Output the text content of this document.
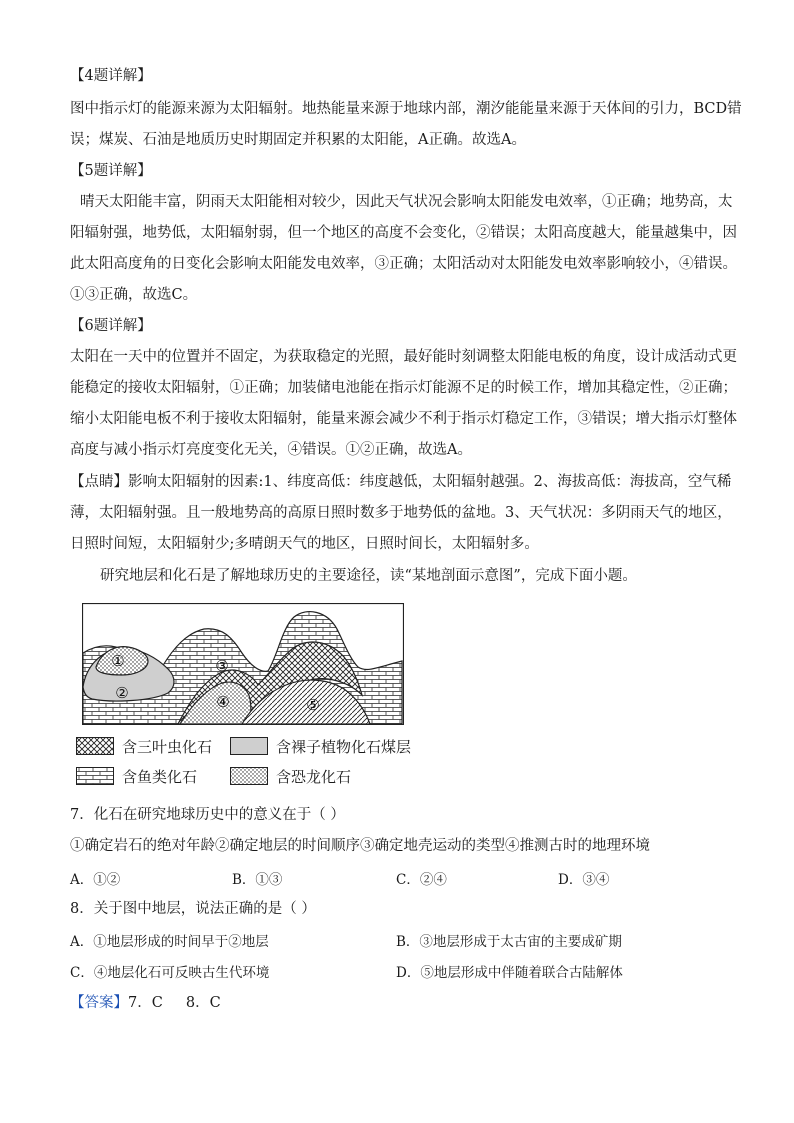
【4题详解】
图中指示灯的能源来源为太阳辐射。地热能量来源于地球内部，潮汐能能量来源于天体间的引力，BCD错
误；煤炭、石油是地质历史时期固定并积累的太阳能，A正确。故选A。
【5题详解】
晴天太阳能丰富，阴雨天太阳能相对较少，因此天气状况会影响太阳能发电效率，①正确；地势高，太
阳辐射强，地势低，太阳辐射弱，但一个地区的高度不会变化，②错误；太阳高度越大，能量越集中，因
此太阳高度角的日变化会影响太阳能发电效率，③正确；太阳活动对太阳能发电效率影响较小，④错误。
①③正确，故选C。
【6题详解】
太阳在一天中的位置并不固定，为获取稳定的光照，最好能时刻调整太阳能电板的角度，设计成活动式更
能稳定的接收太阳辐射，①正确；加装储电池能在指示灯能源不足的时候工作，增加其稳定性，②正确；
缩小太阳能电板不利于接收太阳辐射，能量来源会减少不利于指示灯稳定工作，③错误；增大指示灯整体
高度与减小指示灯亮度变化无关，④错误。①②正确，故选A。
【点睛】影响太阳辐射的因素:1、纬度高低：纬度越低，太阳辐射越强。2、海拔高低：海拔高，空气稀
薄，太阳辐射强。且一般地势高的高原日照时数多于地势低的盆地。3、天气状况：多阴雨天气的地区，
日照时间短，太阳辐射少;多晴朗天气的地区，日照时间长，太阳辐射多。
研究地层和化石是了解地球历史的主要途径，读“某地剖面示意图”，完成下面小题。
①
②
③
④	⑤
含三叶虫化石	含裸子植物化石煤层
含鱼类化石	含恐龙化石
7．化石在研究地球历史中的意义在于（ ）
①确定岩石的绝对年龄②确定地层的时间顺序③确定地壳运动的类型④推测古时的地理环境
A．①②	B．①③	C．②④	D．③④
8．关于图中地层，说法正确的是（ ）
A．①地层形成的时间早于②地层	B．③地层形成于太古宙的主要成矿期
C．④地层化石可反映古生代环境	D．⑤地层形成中伴随着联合古陆解体
【答案】7．C     8．C
